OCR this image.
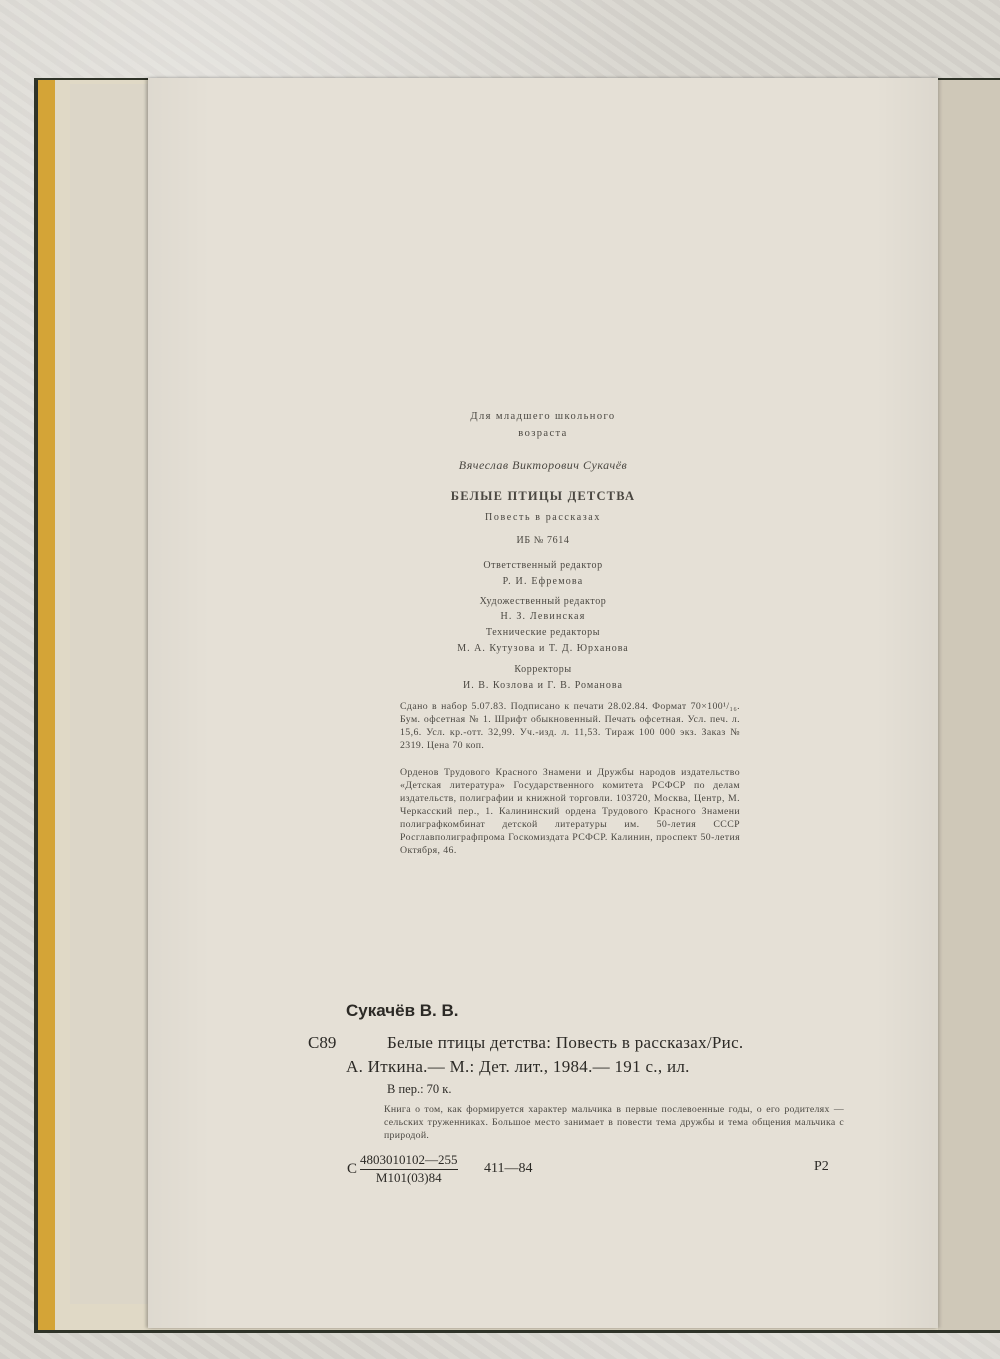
Для младшего школьного
возраста
Вячеслав Викторович Сукачёв
БЕЛЫЕ ПТИЦЫ ДЕТСТВА
Повесть в рассказах
ИБ № 7614
Ответственный редактор
Р. И. Ефремова
Художественный редактор
Н. З. Левинская
Технические редакторы
М. А. Кутузова и Т. Д. Юрханова
Корректоры
И. В. Козлова и Г. В. Романова
Сдано в набор 5.07.83. Подписано к печати 28.02.84. Формат 70×100¹/₁₆. Бум. офсетная № 1. Шрифт обыкновенный. Печать офсетная. Усл. печ. л. 15,6. Усл. кр.-отт. 32,99. Уч.-изд. л. 11,53. Тираж 100 000 экз. Заказ № 2319. Цена 70 коп.
Орденов Трудового Красного Знамени и Дружбы народов издательство «Детская литература» Государственного комитета РСФСР по делам издательств, полиграфии и книжной торговли. 103720, Москва, Центр, М. Черкасский пер., 1. Калининский ордена Трудового Красного Знамени полиграфкомбинат детской литературы им. 50-летия СССР Росглавполиграфпрома Госкомиздата РСФСР. Калинин, проспект 50-летия Октября, 46.
Сукачёв В. В.
С89	Белые птицы детства: Повесть в рассказах/Рис.
А. Иткина.— М.: Дет. лит., 1984.— 191 с., ил.
В пер.: 70 к.
Книга о том, как формируется характер мальчика в первые послевоенные годы, о его родителях — сельских труженниках. Большое место занимает в повести тема дружбы и тема общения мальчика с природой.
С
4803010102—255
М101(03)84
411—84	Р2
